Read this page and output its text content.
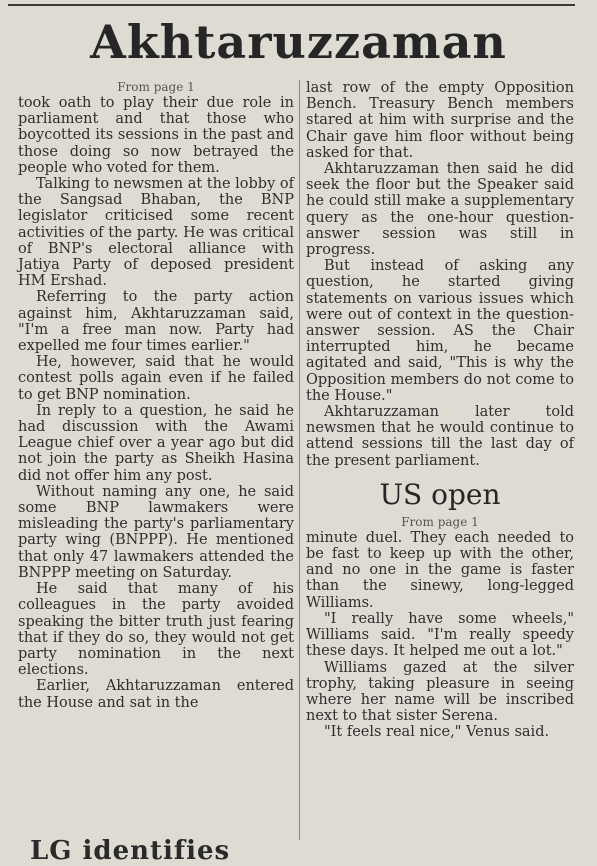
Akhtaruzzaman
From page 1

took oath to play their due role in parliament and that those who boycotted its sessions in the past and those doing so now betrayed the people who voted for them.

Talking to newsmen at the lobby of the Sangsad Bhaban, the BNP legislator criticised some recent activities of the party. He was critical of BNP's electoral alliance with Jatiya Party of deposed president HM Ershad.

Referring to the party action against him, Akhtaruzzaman said, "I'm a free man now. Party had expelled me four times earlier."

He, however, said that he would contest polls again even if he failed to get BNP nomination.

In reply to a question, he said he had discussion with the Awami League chief over a year ago but did not join the party as Sheikh Hasina did not offer him any post.

Without naming any one, he said some BNP lawmakers were misleading the party's parliamentary party wing (BNPPP). He mentioned that only 47 lawmakers attended the BNPPP meeting on Saturday.

He said that many of his colleagues in the party avoided speaking the bitter truth just fearing that if they do so, they would not get party nomination in the next elections.

Earlier, Akhtaruzzaman entered the House and sat in the

LG identifies

last row of the empty Opposition Bench. Treasury Bench members stared at him with surprise and the Chair gave him floor without being asked for that.

Akhtaruzzaman then said he did seek the floor but the Speaker said he could still make a supplementary query as the one-hour question-answer session was still in progress.

But instead of asking any question, he started giving statements on various issues which were out of context in the question-answer session. AS the Chair interrupted him, he became agitated and said, "This is why the Opposition members do not come to the House."

Akhtaruzzaman later told newsmen that he would continue to attend sessions till the last day of the present parliament.

US open
From page 1

minute duel. They each needed to be fast to keep up with the other, and no one in the game is faster than the sinewy, long-legged Williams.

"I really have some wheels," Williams said. "I'm really speedy these days. It helped me out a lot."

Williams gazed at the silver trophy, taking pleasure in seeing where her name will be inscribed next to that sister Serena.

"It feels real nice," Venus said.
